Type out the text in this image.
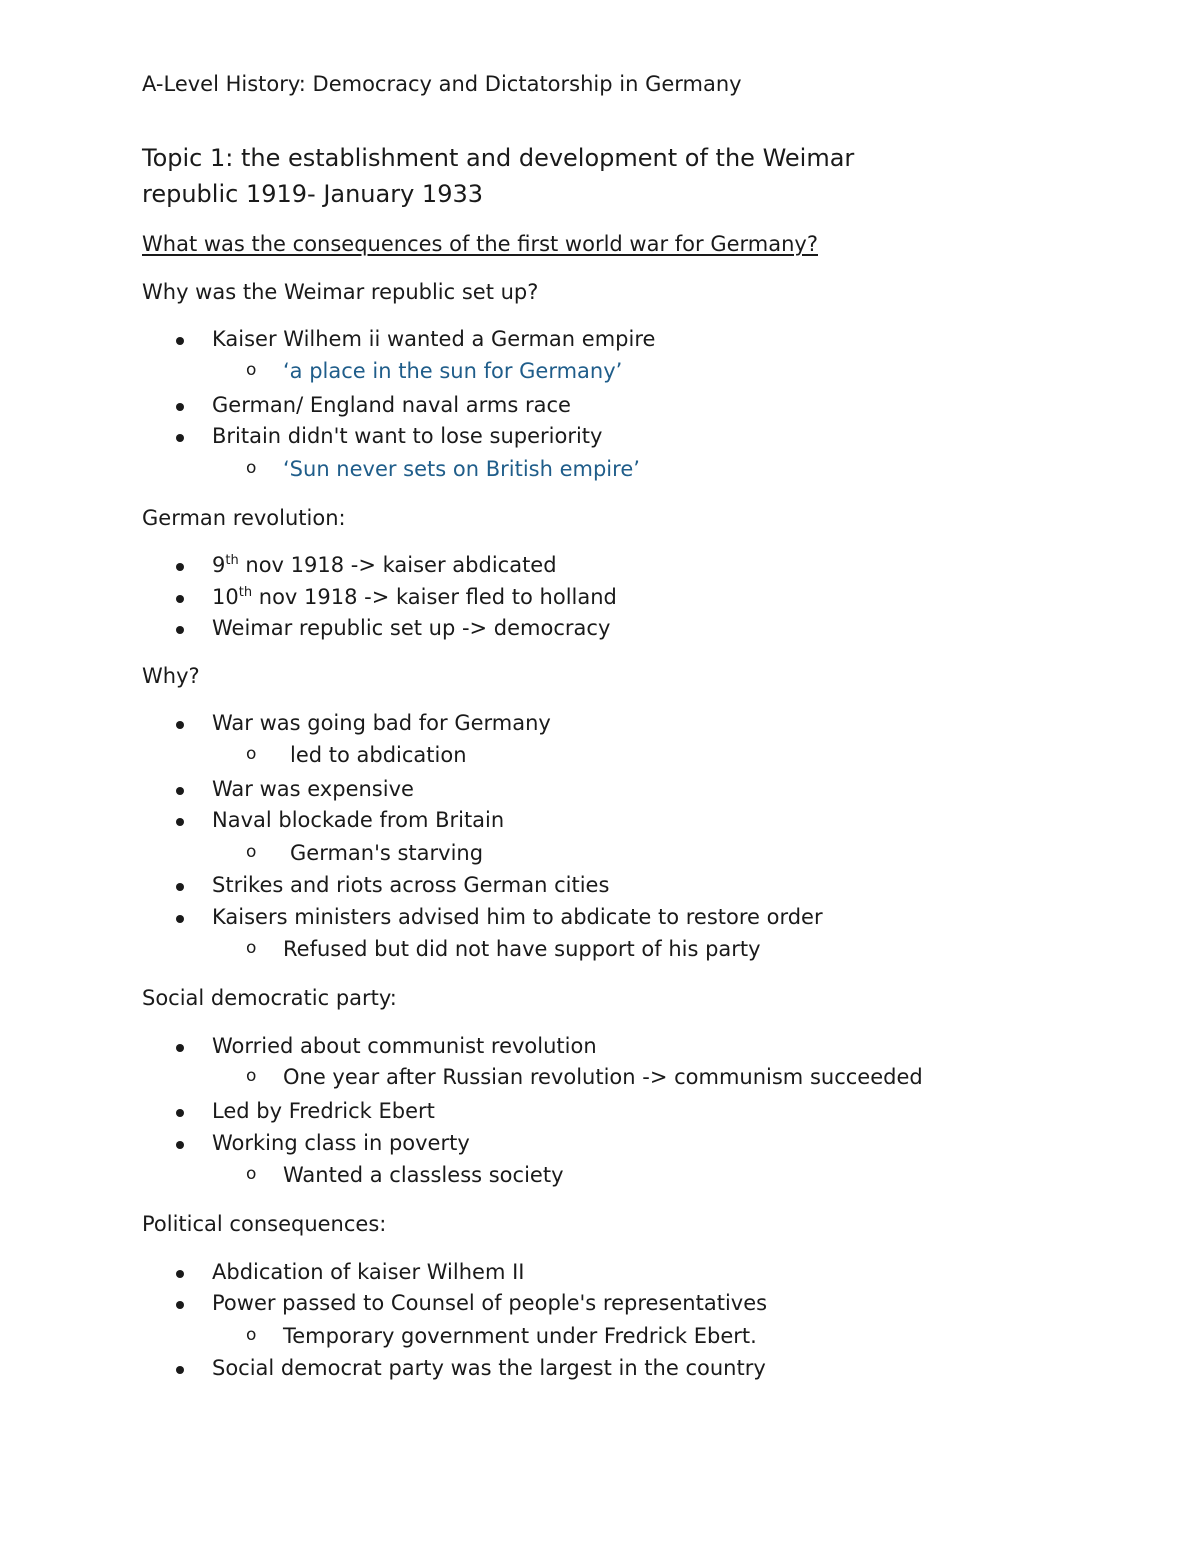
A-Level History: Democracy and Dictatorship in Germany
Topic 1: the establishment and development of the Weimar
republic 1919- January 1933
What was the consequences of the first world war for Germany?
Why was the Weimar republic set up?
Kaiser Wilhem ii wanted a German empire
o ‘a place in the sun for Germany’
German/ England naval arms race
Britain didn't want to lose superiority
o ‘Sun never sets on British empire’
German revolution:
9th nov 1918 -> kaiser abdicated
10th nov 1918 -> kaiser fled to holland
Weimar republic set up -> democracy
Why?
War was going bad for Germany
o led to abdication
War was expensive
Naval blockade from Britain
o German's starving
Strikes and riots across German cities
Kaisers ministers advised him to abdicate to restore order
o Refused but did not have support of his party
Social democratic party:
Worried about communist revolution
o One year after Russian revolution -> communism succeeded
Led by Fredrick Ebert
Working class in poverty
o Wanted a classless society
Political consequences:
Abdication of kaiser Wilhem II
Power passed to Counsel of people's representatives
o Temporary government under Fredrick Ebert.
Social democrat party was the largest in the country
